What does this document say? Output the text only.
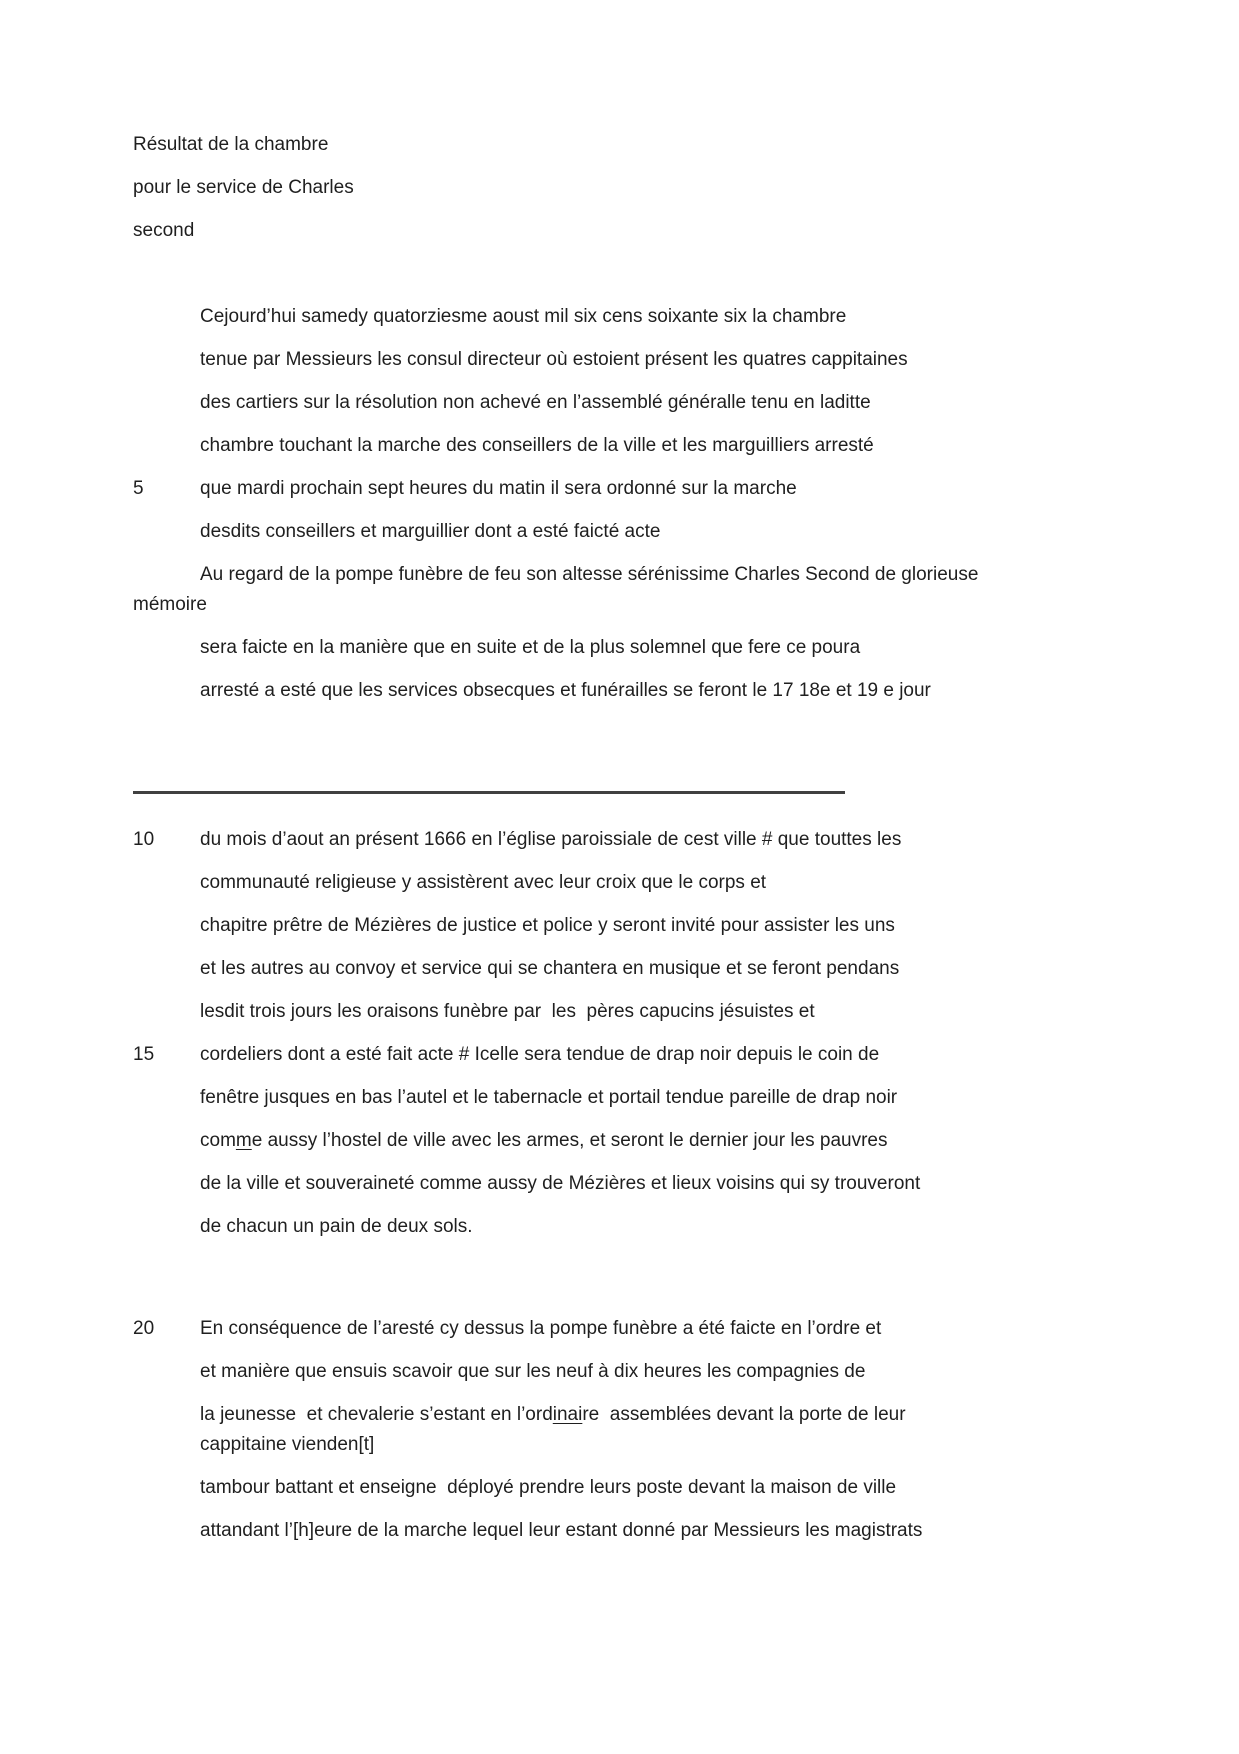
Résultat de la chambre
pour le service de Charles
second
Cejourd’hui samedy quatorziesme aoust mil six cens soixante six la chambre
tenue par Messieurs les consul directeur où estoient présent les quatres cappitaines
des cartiers sur la résolution non achevé en l’assemblé généralle tenu en laditte
chambre touchant la marche des conseillers de la ville et les marguilliers arresté
5	que mardi prochain sept heures du matin il sera ordonné sur la marche
desdits conseillers et marguillier dont a esté faicté acte
Au regard de la pompe funèbre de feu son altesse sérénissime Charles Second de glorieuse
mémoire
sera faicte en la manière que en suite et de la plus solemnel que fere ce poura
arresté a esté que les services obsecques et funérailles se feront le 17 18e et 19 e jour
10 du mois d’aout an présent 1666 en l’église paroissiale de cest ville # que touttes les
communauté religieuse y assistèrent avec leur croix que le corps et
chapitre prêtre de Mézières de justice et police y seront invité pour assister les uns
et les autres au convoy et service qui se chantera en musique et se feront pendans
lesdit trois jours les oraisons funèbre par  les  pères capucins jésuistes et
15 cordeliers dont a esté fait acte # Icelle sera tendue de drap noir depuis le coin de
fenêtre jusques en bas l’autel et le tabernacle et portail tendue pareille de drap noir
comme aussy l’hostel de ville avec les armes, et seront le dernier jour les pauvres
de la ville et souveraineté comme aussy de Mézières et lieux voisins qui sy trouveront
de chacun un pain de deux sols.
20 En conséquence de l’aresté cy dessus la pompe funèbre a été faicte en l’ordre et
et manière que ensuis scavoir que sur les neuf à dix heures les compagnies de
la jeunesse  et chevalerie s’estant en l’ordinaire  assemblées devant la porte de leur
cappitaine vienden[t]
tambour battant et enseigne  déployé prendre leurs poste devant la maison de ville
attandant l’[h]eure de la marche lequel leur estant donné par Messieurs les magistrats
